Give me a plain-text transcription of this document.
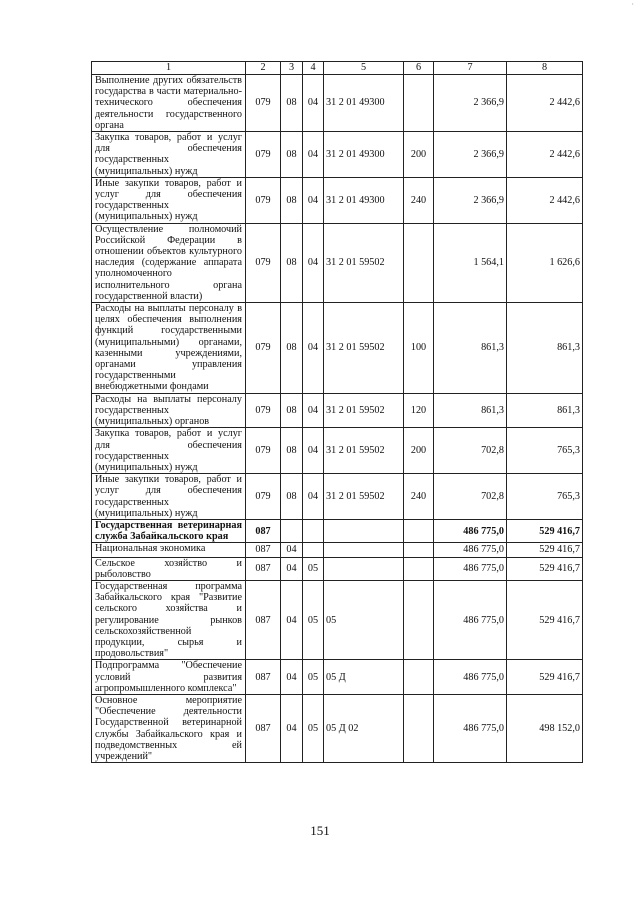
·
1	2	3	4	5	6	7	8
Выполнение других обязательств государства в части материально-технического обеспечения деятельности государственного органа	079	08	04	31 2 01 49300		2 366,9	2 442,6
Закупка товаров, работ и услуг для обеспечения государственных (муниципальных) нужд	079	08	04	31 2 01 49300	200	2 366,9	2 442,6
Иные закупки товаров, работ и услуг для обеспечения государственных (муниципальных) нужд	079	08	04	31 2 01 49300	240	2 366,9	2 442,6
Осуществление полномочий Российской Федерации в отношении объектов культурного наследия (содержание аппарата уполномоченного исполнительного органа государственной власти)	079	08	04	31 2 01 59502		1 564,1	1 626,6
Расходы на выплаты персоналу в целях обеспечения выполнения функций государственными (муниципальными) органами, казенными учреждениями, органами управления государственными внебюджетными фондами	079	08	04	31 2 01 59502	100	861,3	861,3
Расходы на выплаты персоналу государственных (муниципальных) органов	079	08	04	31 2 01 59502	120	861,3	861,3
Закупка товаров, работ и услуг для обеспечения государственных (муниципальных) нужд	079	08	04	31 2 01 59502	200	702,8	765,3
Иные закупки товаров, работ и услуг для обеспечения государственных (муниципальных) нужд	079	08	04	31 2 01 59502	240	702,8	765,3
Государственная ветеринарная служба Забайкальского края	087					486 775,0	529 416,7
Национальная экономика	087	04				486 775,0	529 416,7
Сельское хозяйство и рыболовство	087	04	05			486 775,0	529 416,7
Государственная программа Забайкальского края "Развитие сельского хозяйства и регулирование рынков сельскохозяйственной продукции, сырья и продовольствия"	087	04	05	05		486 775,0	529 416,7
Подпрограмма "Обеспечение условий развития агропромышленного комплекса"	087	04	05	05 Д		486 775,0	529 416,7
Основное мероприятие "Обеспечение деятельности Государственной ветеринарной службы Забайкальского края и подведомственных ей учреждений"	087	04	05	05 Д 02		486 775,0	498 152,0
151
